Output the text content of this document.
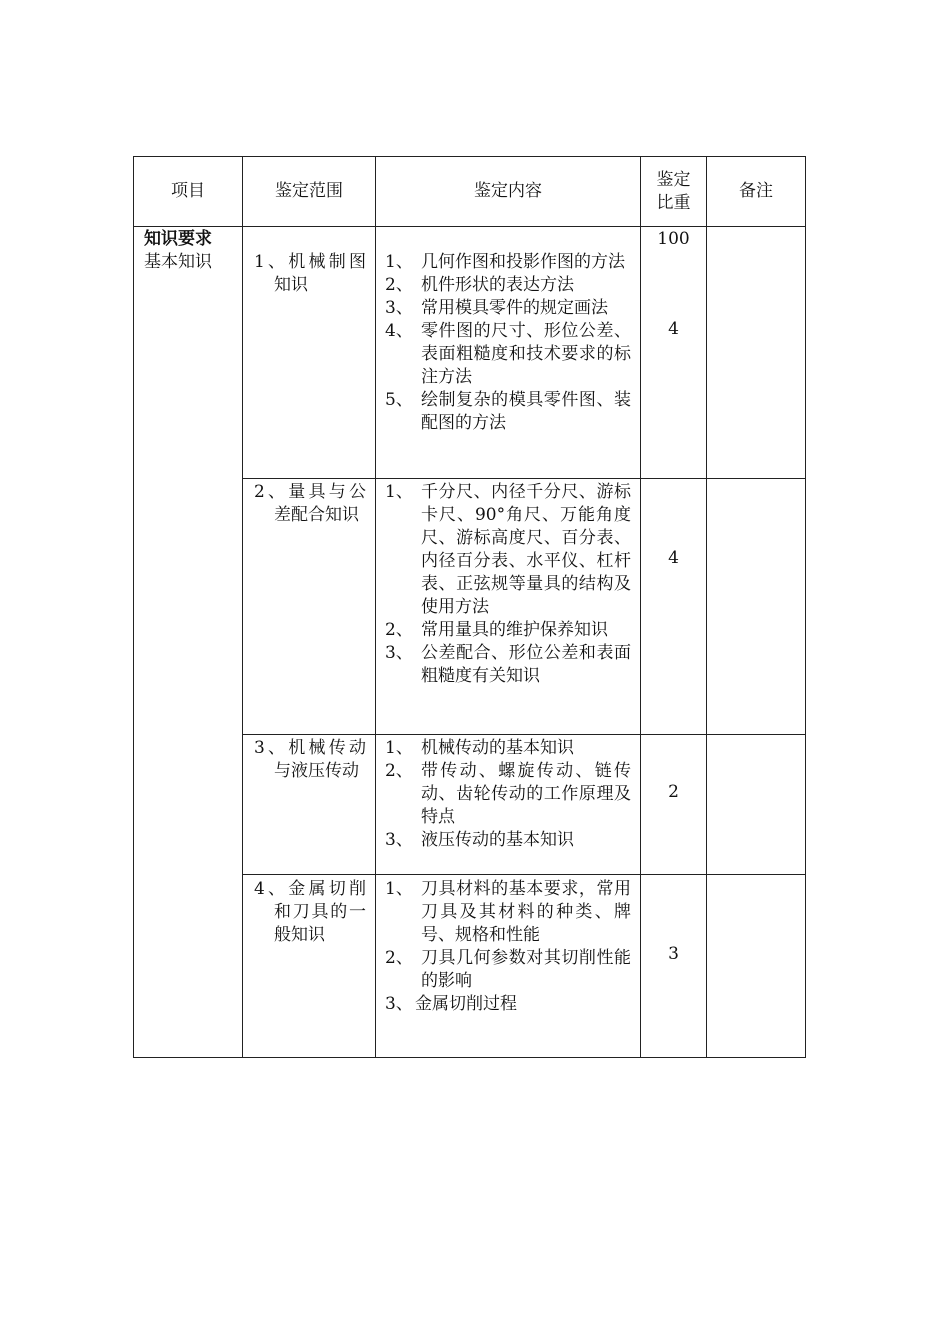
项目	鉴定范围	鉴定内容
鉴定
比重
备注
知识要求
基本知识
100
1、机械制图知识
1、 几何作图和投影作图的方法
2、 机件形状的表达方法
3、 常用模具零件的规定画法
4、 零件图的尺寸、形位公差、表面粗糙度和技术要求的标注方法
5、 绘制复杂的模具零件图、装配图的方法
4
2、量具与公差配合知识
1、 千分尺、内径千分尺、游标卡尺、90°角尺、万能角度尺、游标高度尺、百分表、内径百分表、水平仪、杠杆表、正弦规等量具的结构及使用方法
2、 常用量具的维护保养知识
3、 公差配合、形位公差和表面粗糙度有关知识
4
3、机械传动与液压传动
1、 机械传动的基本知识
2、 带传动、螺旋传动、链传动、齿轮传动的工作原理及特点
3、 液压传动的基本知识
2
4、金属切削和刀具的一般知识
1、 刀具材料的基本要求，常用刀具及其材料的种类、牌号、规格和性能
2、 刀具几何参数对其切削性能的影响
3、 金属切削过程
3
